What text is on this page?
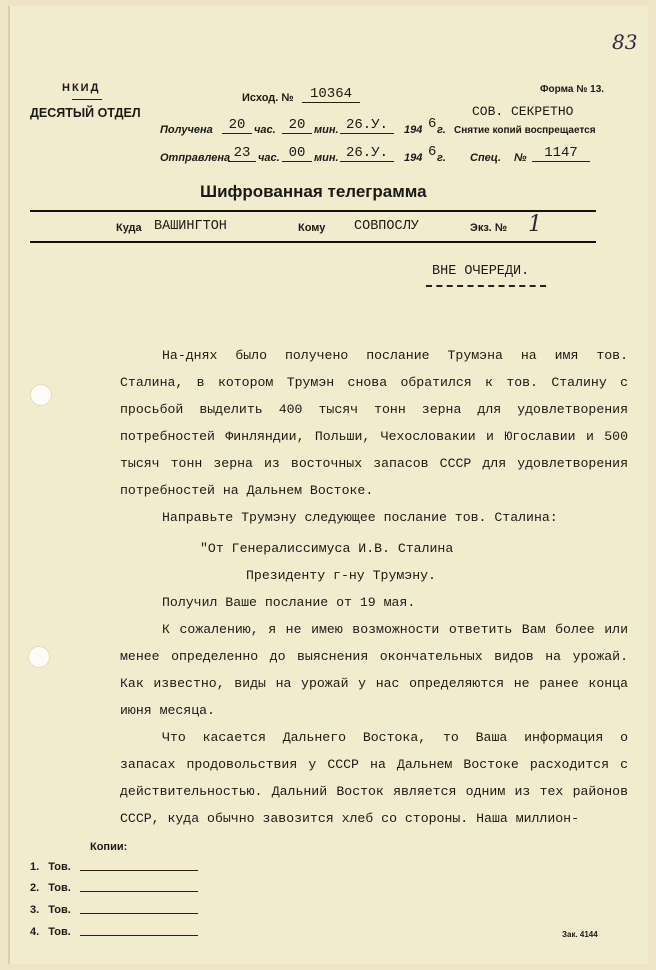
83
НКИД
ДЕСЯТЫЙ ОТДЕЛ
Исход. №	10364	Форма № 13.
Получена	20 час. 20 мин. 26.У.	194 6 г.
Отправлена 23 час. 00 мин. 26.У.	194 6 г.
СОВ. СЕКРЕТНО
Снятие копий воспрещается
Спец. №	1147
Шифрованная телеграмма
Куда ВАШИНГТОН	Кому СОВПОСЛУ	Экз. № 1
ВНЕ ОЧЕРЕДИ.

На-днях было получено послание Трумэна на имя тов. Сталина, в котором Трумэн снова обратился к тов. Сталину с просьбой выделить 400 тысяч тонн зерна для удовлетворения потребностей Финляндии, Польши, Чехословакии и Югославии и 500 тысяч тонн зерна из восточных запасов СССР для удовлетворения потребностей на Дальнем Востоке.

Направьте Трумэну следующее послание тов. Сталина:

"От Генералиссимуса И.В. Сталина

Президенту г-ну Трумэну.

Получил Ваше послание от 19 мая.

К сожалению, я не имею возможности ответить Вам более или менее определенно до выяснения окончательных видов на урожай. Как известно, виды на урожай у нас определяются не ранее конца июня месяца.

Что касается Дальнего Востока, то Ваша информация о запасах продовольствия у СССР на Дальнем Востоке расходится с действительностью. Дальний Восток является одним из тех районов СССР, куда обычно завозится хлеб со стороны. Наша миллион-

Копии:
1. Тов.
2. Тов.
3. Тов.
4. Тов.	Зак. 4144
